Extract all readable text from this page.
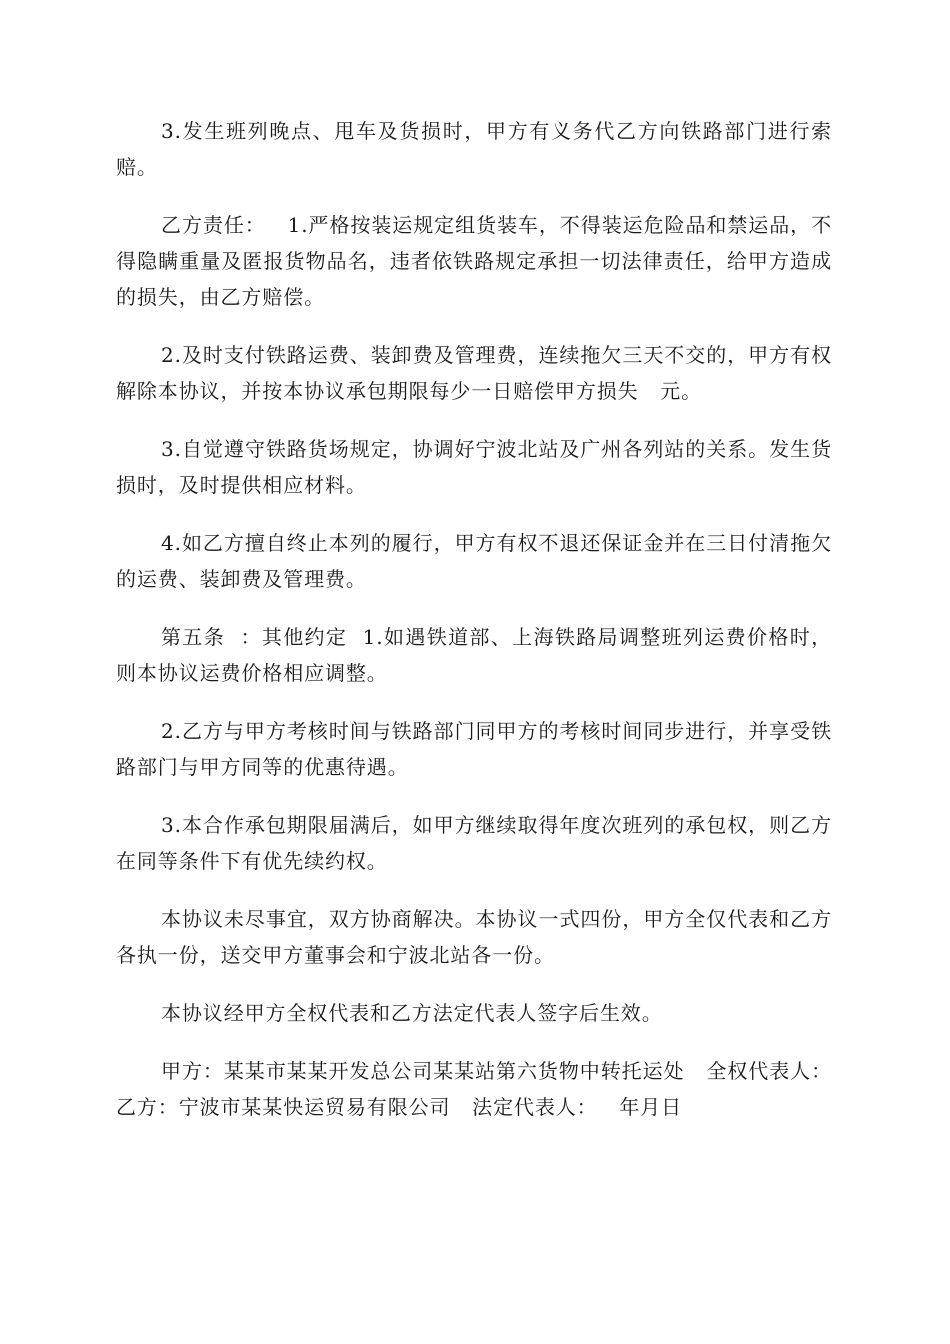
3.发生班列晚点、甩车及货损时，甲方有义务代乙方向铁路部门进行索赔。

乙方责任：   1.严格按装运规定组货装车，不得装运危险品和禁运品，不得隐瞒重量及匿报货物品名，违者依铁路规定承担一切法律责任，给甲方造成的损失，由乙方赔偿。

2.及时支付铁路运费、装卸费及管理费，连续拖欠三天不交的，甲方有权解除本协议，并按本协议承包期限每少一日赔偿甲方损失   元。

3.自觉遵守铁路货场规定，协调好宁波北站及广州各列站的关系。发生货损时，及时提供相应材料。

4.如乙方擅自终止本列的履行，甲方有权不退还保证金并在三日付清拖欠的运费、装卸费及管理费。

第五条  ：其他约定  1.如遇铁道部、上海铁路局调整班列运费价格时，则本协议运费价格相应调整。

2.乙方与甲方考核时间与铁路部门同甲方的考核时间同步进行，并享受铁路部门与甲方同等的优惠待遇。

3.本合作承包期限届满后，如甲方继续取得年度次班列的承包权，则乙方在同等条件下有优先续约权。

本协议未尽事宜，双方协商解决。本协议一式四份，甲方全仅代表和乙方各执一份，送交甲方董事会和宁波北站各一份。

本协议经甲方全权代表和乙方法定代表人签字后生效。

甲方：某某市某某开发总公司某某站第六货物中转托运处   全权代表人：   乙方：宁波市某某快运贸易有限公司   法定代表人：   年月日
